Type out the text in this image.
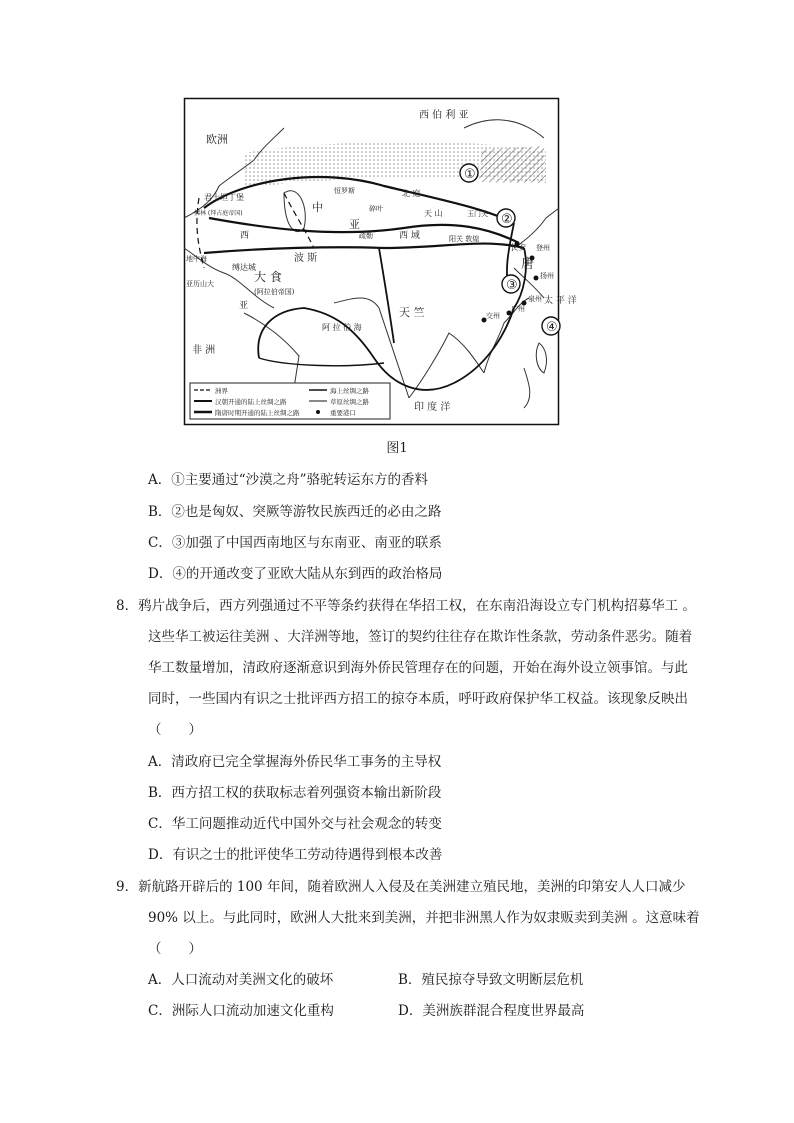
①
②
③
④
欧洲
西 伯 利 亚
君士坦丁堡
拂林 (拜占庭帝国)
西
中
亚
恒罗斯	北 庭
天 山
碎叶
疏勒	西 域
玉门关
阳关 敦煌
长安
唐
登州
扬州
泉州
广州
交州
波 斯
缚达城
大 食
(阿拉伯帝国)
天 竺
地中海
亚历山大
非 洲
亚
阿 拉 伯 海
印 度 洋
太 平 洋
洲界
汉朝开通的陆上丝绸之路
隋唐时期开通的陆上丝绸之路
海上丝绸之路
草原丝绸之路
重要港口
图1
A．①主要通过“沙漠之舟”骆驼转运东方的香料
B．②也是匈奴、突厥等游牧民族西迁的必由之路
C．③加强了中国西南地区与东南亚、南亚的联系
D．④的开通改变了亚欧大陆从东到西的政治格局
8．鸦片战争后，西方列强通过不平等条约获得在华招工权，在东南沿海设立专门机构招募华工 。
这些华工被运往美洲 、大洋洲等地，签订的契约往往存在欺诈性条款，劳动条件恶劣。随着
华工数量增加，清政府逐渐意识到海外侨民管理存在的问题，开始在海外设立领事馆。与此
同时，一些国内有识之士批评西方招工的掠夺本质，呼吁政府保护华工权益。该现象反映出
（　　）
A．清政府已完全掌握海外侨民华工事务的主导权
B．西方招工权的获取标志着列强资本输出新阶段
C．华工问题推动近代中国外交与社会观念的转变
D．有识之士的批评使华工劳动待遇得到根本改善
9．新航路开辟后的 100 年间，随着欧洲人入侵及在美洲建立殖民地，美洲的印第安人人口减少
90% 以上。与此同时，欧洲人大批来到美洲，并把非洲黑人作为奴隶贩卖到美洲 。这意味着
（　　）
A．人口流动对美洲文化的破坏	B．殖民掠夺导致文明断层危机
C．洲际人口流动加速文化重构	D．美洲族群混合程度世界最高
